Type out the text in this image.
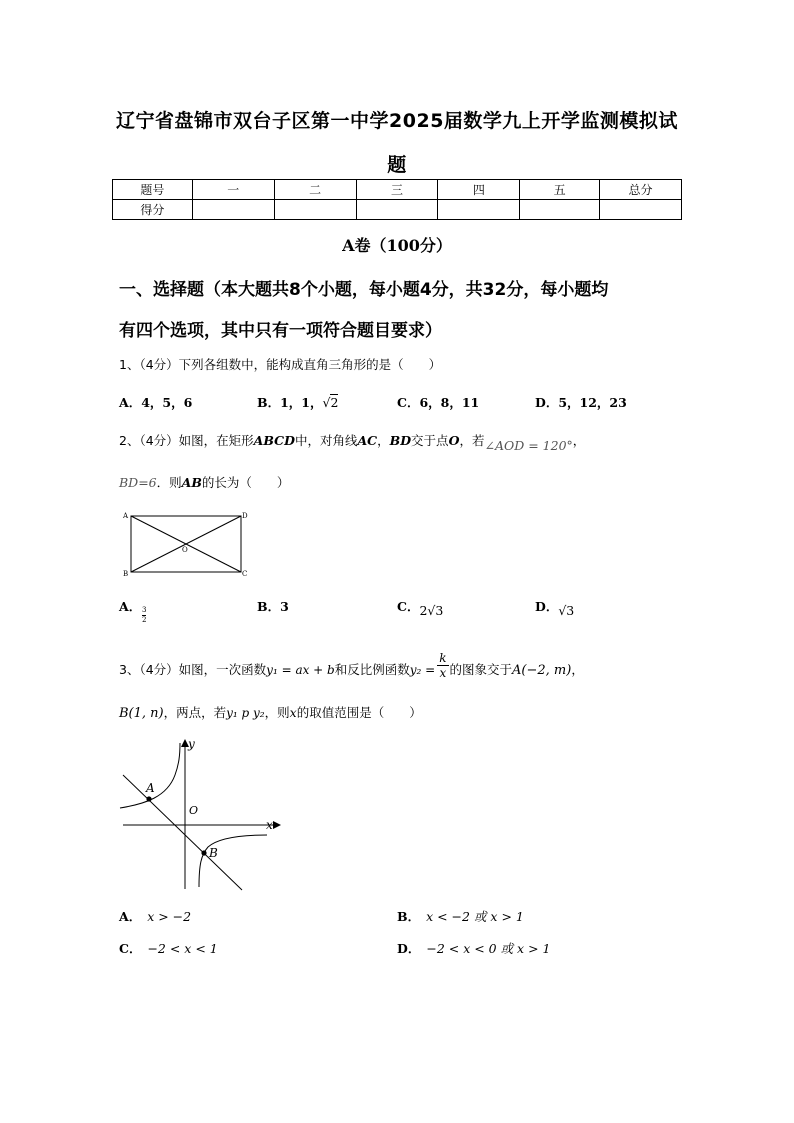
辽宁省盘锦市双台子区第一中学2025届数学九上开学监测模拟试
题
题号	一	二	三	四	五	总分
得分						
A卷（100分）
一、选择题（本大题共8个小题，每小题4分，共32分，每小题均
有四个选项，其中只有一项符合题目要求）
1、（4分）下列各组数中，能构成直角三角形的是（　　）
A．4，5，6	B．1，1，√2	C．6，8，11	D．5，12，23
2、（4分）如图，在矩形ABCD中，对角线AC，BD交于点O，若∠AOD = 120°，
BD=6．则AB的长为（　　）
A	D
B	C
O
A． $\frac{3}{2}$	B．3	C．2√3	D．√3
3、（4分）如图，一次函数y₁ = ax + b和反比例函数$y_2 = \frac{k}{x}$ 的图象交于A(−2, m)，
B(1, n)，两点，若y₁ p y₂，则x的取值范围是（　　）
y
x
O
A
B
A． x > −2	B． x < −2 或 x > 1
C． −2 < x < 1	D． −2 < x < 0 或 x > 1
